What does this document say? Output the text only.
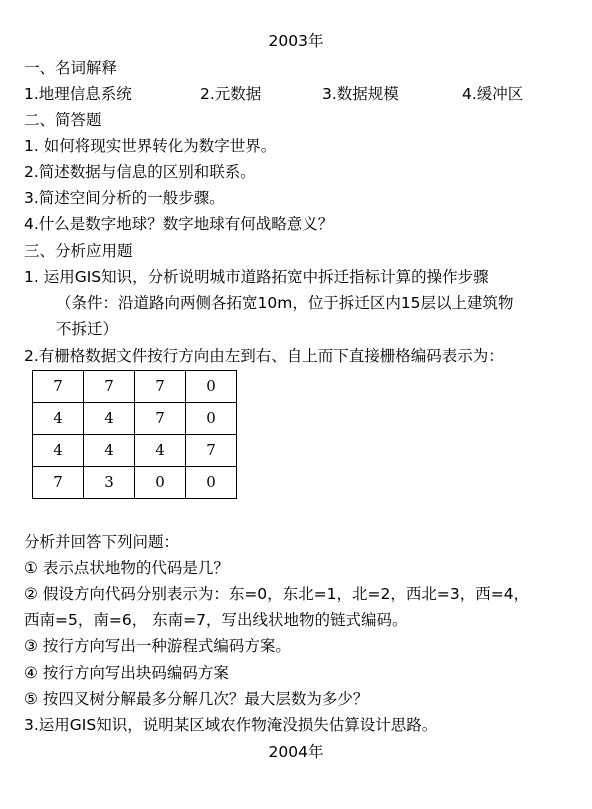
2003年
一、名词解释
1.地理信息系统	2.元数据	3.数据规模	4.缓冲区
二、简答题
1. 如何将现实世界转化为数字世界。
2.简述数据与信息的区别和联系。
3.简述空间分析的一般步骤。
4.什么是数字地球？数字地球有何战略意义？
三、分析应用题
1. 运用GIS知识，分析说明城市道路拓宽中拆迁指标计算的操作步骤
（条件：沿道路向两侧各拓宽10m，位于拆迁区内15层以上建筑物
不拆迁）
2.有栅格数据文件按行方向由左到右、自上而下直接栅格编码表示为：
7	7	7	0
4	4	7	0
4	4	4	7
7	3	0	0
分析并回答下列问题：
① 表示点状地物的代码是几？
② 假设方向代码分别表示为：东=0，东北=1，北=2，西北=3，西=4，
西南=5，南=6， 东南=7，写出线状地物的链式编码。
③ 按行方向写出一种游程式编码方案。
④ 按行方向写出块码编码方案
⑤ 按四叉树分解最多分解几次？最大层数为多少？
3.运用GIS知识，说明某区域农作物淹没损失估算设计思路。
2004年
